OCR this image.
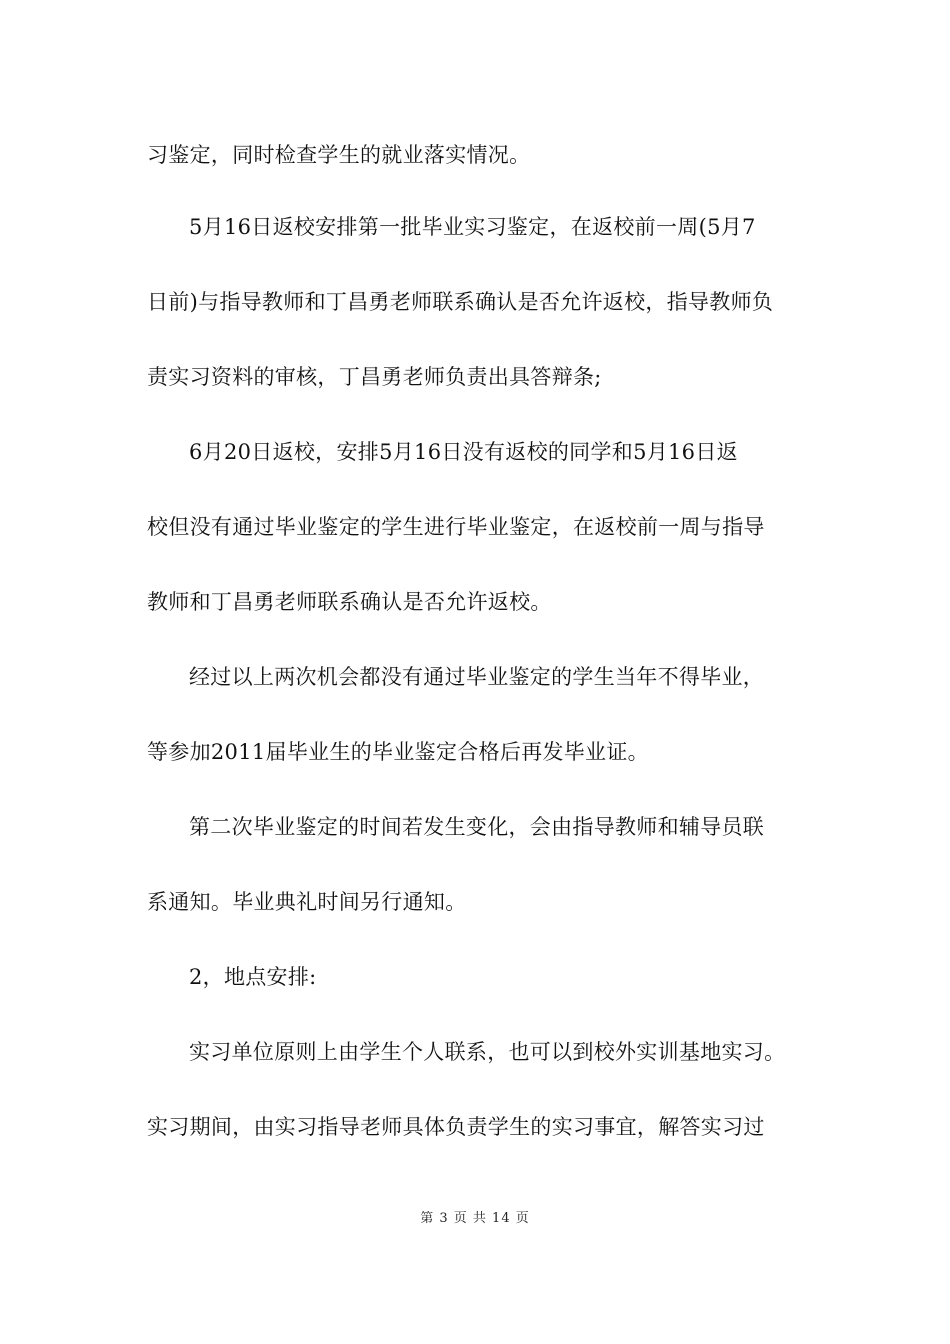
习鉴定，同时检查学生的就业落实情况。
5月16日返校安排第一批毕业实习鉴定，在返校前一周(5月7
日前)与指导教师和丁昌勇老师联系确认是否允许返校，指导教师负
责实习资料的审核，丁昌勇老师负责出具答辩条;
6月20日返校，安排5月16日没有返校的同学和5月16日返
校但没有通过毕业鉴定的学生进行毕业鉴定，在返校前一周与指导
教师和丁昌勇老师联系确认是否允许返校。
经过以上两次机会都没有通过毕业鉴定的学生当年不得毕业，
等参加2011届毕业生的毕业鉴定合格后再发毕业证。
第二次毕业鉴定的时间若发生变化，会由指导教师和辅导员联
系通知。毕业典礼时间另行通知。
2，地点安排:
实习单位原则上由学生个人联系，也可以到校外实训基地实习。
实习期间，由实习指导老师具体负责学生的实习事宜，解答实习过
第 3 页 共 14 页
